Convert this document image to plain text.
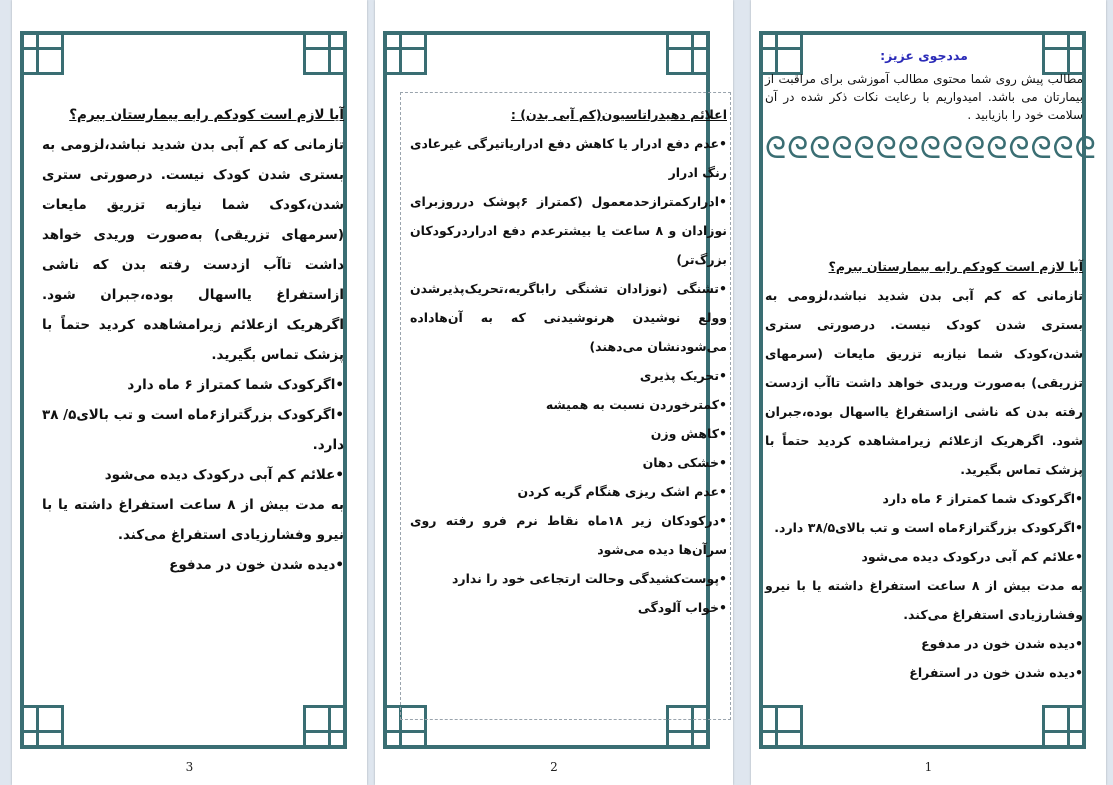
آیا لازم است کودکم رابه بیمارستان ببرم؟

تازمانی که کم آبی بدن شدید نباشد،لزومی به بستری شدن کودک نیست. درصورتی ستری شدن،کودک شما نیازبه تزریق مایعات (سرمهای تزریقی) به‌صورت وریدی خواهد داشت تاآب ازدست رفته بدن که ناشی ازاستفراغ یااسهال بوده،جبران شود. اگرهریک ازعلائم زیرامشاهده کردید حتماً با پزشک تماس بگیرید.

•اگرکودک شما کمتراز ۶ ماه دارد

•اگرکودک بزرگتراز۶ماه است و تب بالای۵/ ۳۸ دارد.

•علائم کم آبی درکودک دیده می‌شود

به مدت بیش از ۸ ساعت استفراغ داشته یا با نیرو وفشارزیادی استفراغ می‌کند.

•دیده شدن خون در مدفوع

3

اعلائم دهیدراتاسیون(کم آبی بدن) :

•عدم دفع ادرار یا کاهش دفع ادراریاتیرگی غیرعادی رنگ ادرار

•ادرارکمترازحدمعمول (کمتراز ۶پوشک درروزبرای نوزادان و ۸ ساعت یا بیشترعدم دفع ادراردرکودکان بزرگ‌تر)

•تشنگی (نوزادان تشنگی راباگریه،تحریک‌پذیرشدن وولع نوشیدن هرنوشیدنی که به آن‌هاداده می‌شودنشان می‌دهند)

•تحریک پذیری

•کمترخوردن نسبت به همیشه

•کاهش وزن

•خشکی دهان

•عدم اشک ریزی هنگام گریه کردن

•درکودکان زیر ۱۸ماه نقاط نرم فرو رفته روی سرآن‌ها دیده می‌شود

•پوست‌کشیدگی وحالت ارتجاعی خود را ندارد

•خواب آلودگی

2

مددجوی عزیز:

مطالب پیش روی شما محتوی مطالب آموزشی برای مراقبت از بیمارتان می باشد. امیدواریم با رعایت نکات ذکر شده در آن سلامت خود را بازیابید .

ᘓᘓᘓᘓᘓᘓᘓᘓᘓᘓᘓᘓᘓᘓᘓ

آیا لازم است کودکم رابه بیمارستان ببرم؟

تازمانی که کم آبی بدن شدید نباشد،لزومی به بستری شدن کودک نیست. درصورتی ستری شدن،کودک شما نیازبه تزریق مایعات (سرمهای تزریقی) به‌صورت وریدی خواهد داشت تاآب ازدست رفته بدن که ناشی ازاستفراغ یااسهال بوده،جبران شود. اگرهریک ازعلائم زیرامشاهده کردید حتماً با پزشک تماس بگیرید.

•اگرکودک شما کمتراز ۶ ماه دارد

•اگرکودک بزرگتراز۶ماه است و تب بالای۳۸/۵ دارد.

•علائم کم آبی درکودک دیده می‌شود

به مدت بیش از ۸ ساعت استفراغ داشته یا با نیرو وفشارزیادی استفراغ می‌کند.

•دیده شدن خون در مدفوع

•دیده شدن خون در استفراغ

1
